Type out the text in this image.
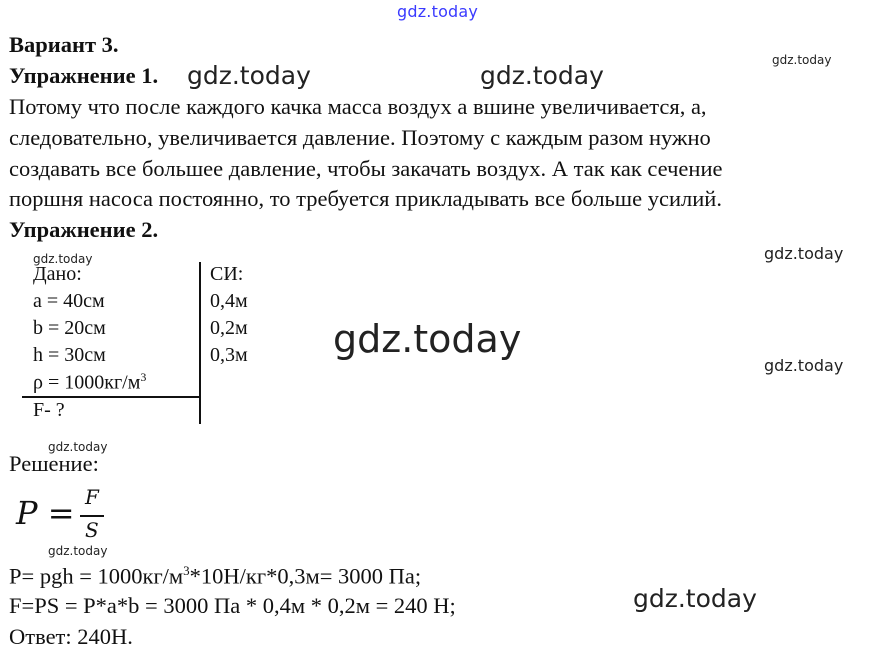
gdz.today
Вариант 3.
Упражнение 1. gdz.today	gdz.today
gdz.today
Потому что после каждого качка масса воздух а вшине увеличивается, а,
следовательно, увеличивается давление. Поэтому с каждым разом нужно
создавать все большее давление, чтобы закачать воздух. А так как сечение
поршня насоса постоянно, то требуется прикладывать все больше усилий.
Упражнение 2.
gdz.today
gdz.today
Дано:
a = 40см
b = 20см
h = 30см
$\rho = 1000кг/м^3$
F- ?
СИ:
0,4м
0,2м
0,3м gdz.today
gdz.today
gdz.today
Решение:
P = F
S
gdz.today
P= pgh = $1000кг/м^3*10Н/кг*0,3м= 3000$ Па;
F=PS = P*a*b = 3000 Па * 0,4м * 0,2м = 240 Н;	gdz.today
Ответ: 240Н.
